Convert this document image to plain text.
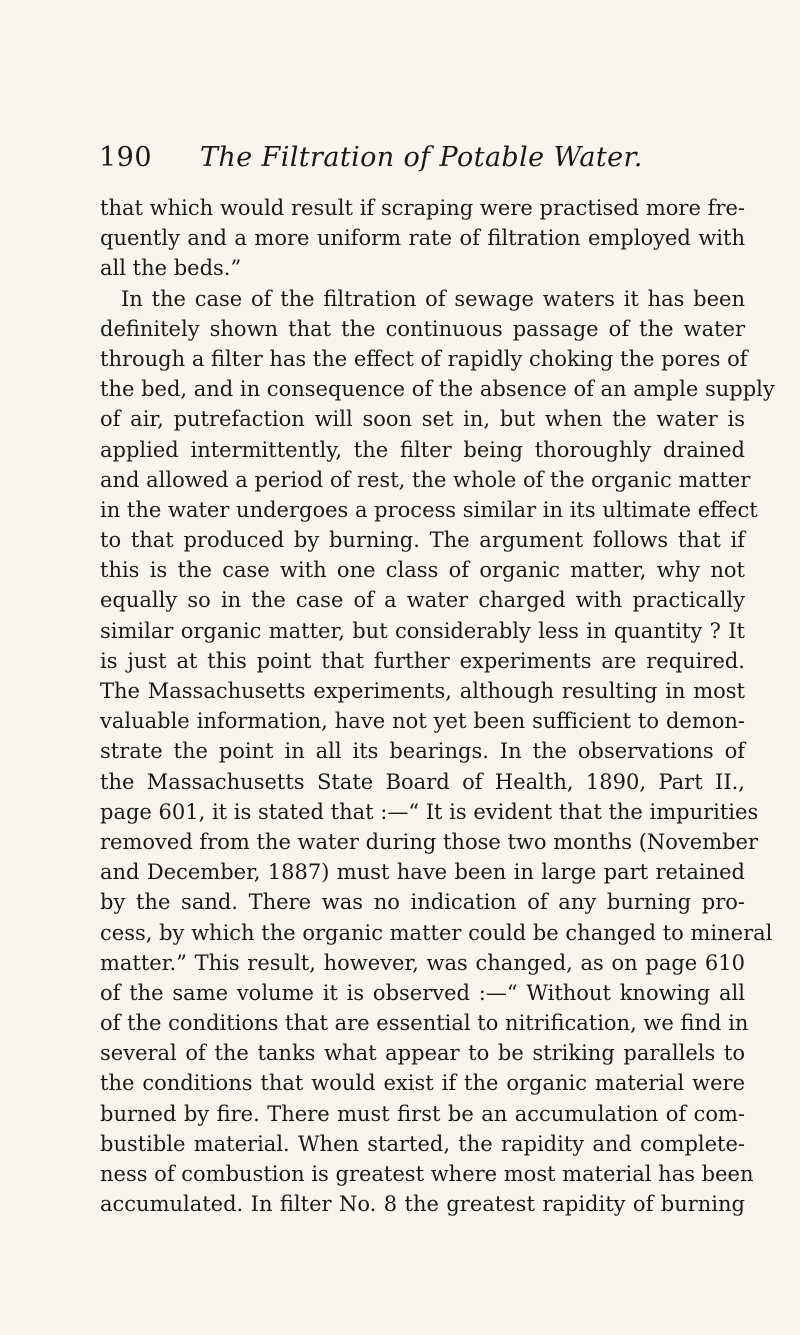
190 The Filtration of Potable Water.
that which would result if scraping were practised more fre-
quently and a more uniform rate of filtration employed with
all the beds.”
In the case of the filtration of sewage waters it has been
definitely shown that the continuous passage of the water
through a filter has the effect of rapidly choking the pores of
the bed, and in consequence of the absence of an ample supply
of air, putrefaction will soon set in, but when the water is
applied intermittently, the filter being thoroughly drained
and allowed a period of rest, the whole of the organic matter
in the water undergoes a process similar in its ultimate effect
to that produced by burning. The argument follows that if
this is the case with one class of organic matter, why not
equally so in the case of a water charged with practically
similar organic matter, but considerably less in quantity ? It
is just at this point that further experiments are required.
The Massachusetts experiments, although resulting in most
valuable information, have not yet been sufficient to demon-
strate the point in all its bearings. In the observations of
the Massachusetts State Board of Health, 1890, Part II.,
page 601, it is stated that :—“ It is evident that the impurities
removed from the water during those two months (November
and December, 1887) must have been in large part retained
by the sand. There was no indication of any burning pro-
cess, by which the organic matter could be changed to mineral
matter.” This result, however, was changed, as on page 610
of the same volume it is observed :—“ Without knowing all
of the conditions that are essential to nitrification, we find in
several of the tanks what appear to be striking parallels to
the conditions that would exist if the organic material were
burned by fire. There must first be an accumulation of com-
bustible material. When started, the rapidity and complete-
ness of combustion is greatest where most material has been
accumulated. In filter No. 8 the greatest rapidity of burning
